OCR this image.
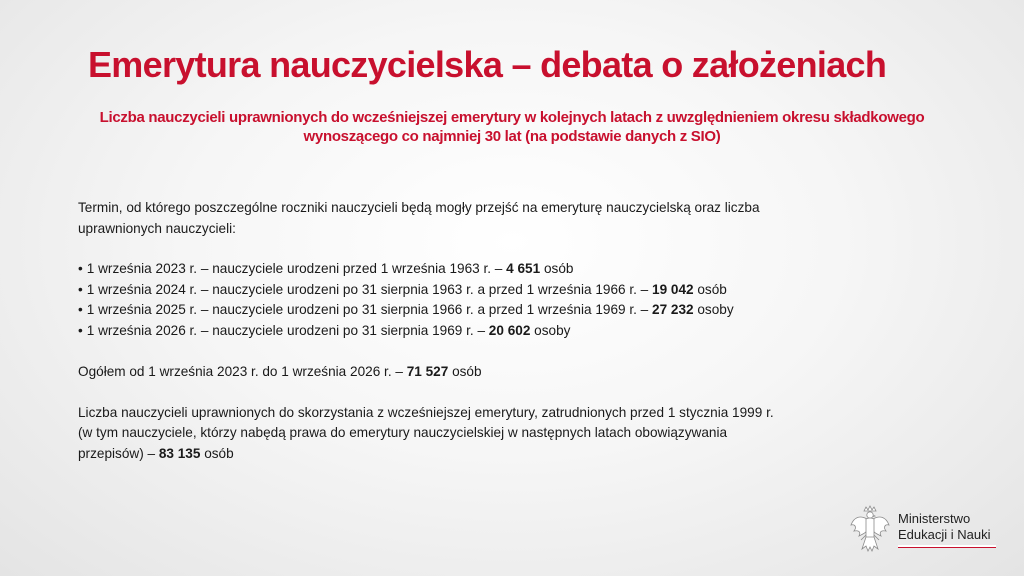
Emerytura nauczycielska – debata o założeniach
Liczba nauczycieli uprawnionych do wcześniejszej emerytury w kolejnych latach z uwzględnieniem okresu składkowego
wynoszącego co najmniej 30 lat (na podstawie danych z SIO)

Termin, od którego poszczególne roczniki nauczycieli będą mogły przejść na emeryturę nauczycielską oraz liczba
uprawnionych nauczycieli:

• 1 września 2023 r. – nauczyciele urodzeni przed 1 września 1963 r. – 4 651 osób
• 1 września 2024 r. – nauczyciele urodzeni po 31 sierpnia 1963 r. a przed 1 września 1966 r. – 19 042 osób
• 1 września 2025 r. – nauczyciele urodzeni po 31 sierpnia 1966 r. a przed 1 września 1969 r. – 27 232 osoby
• 1 września 2026 r. – nauczyciele urodzeni po 31 sierpnia 1969 r. – 20 602 osoby

Ogółem od 1 września 2023 r. do 1 września 2026 r. – 71 527 osób

Liczba nauczycieli uprawnionych do skorzystania z wcześniejszej emerytury, zatrudnionych przed 1 stycznia 1999 r.
(w tym nauczyciele, którzy nabędą prawa do emerytury nauczycielskiej w następnych latach obowiązywania
przepisów) – 83 135 osób

Ministerstwo
Edukacji i Nauki
